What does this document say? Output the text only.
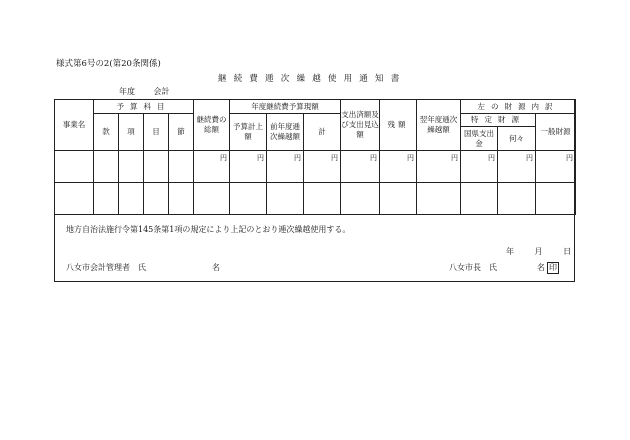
様式第6号の2(第20条関係)
継続費逓次繰越使用通知書
年度 会計
事業名	予算科目				継続費の総額	年度継続費予算現額			支出済額及び支出見込額	残額	翌年度逓次繰越額	左の財源内訳		
	款	項	目	節		予算計上額	前年度逓次繰越額	計				特定財源		一般財源
												国県支出金	何々	
					円	円	円	円	円	円	円	円	円	円

地方自治法施行令第145条第1項の規定により上記のとおり逓次繰越使用する。
年	月	日
八女市会計管理者　氏	名	八女市長　氏	名 印
